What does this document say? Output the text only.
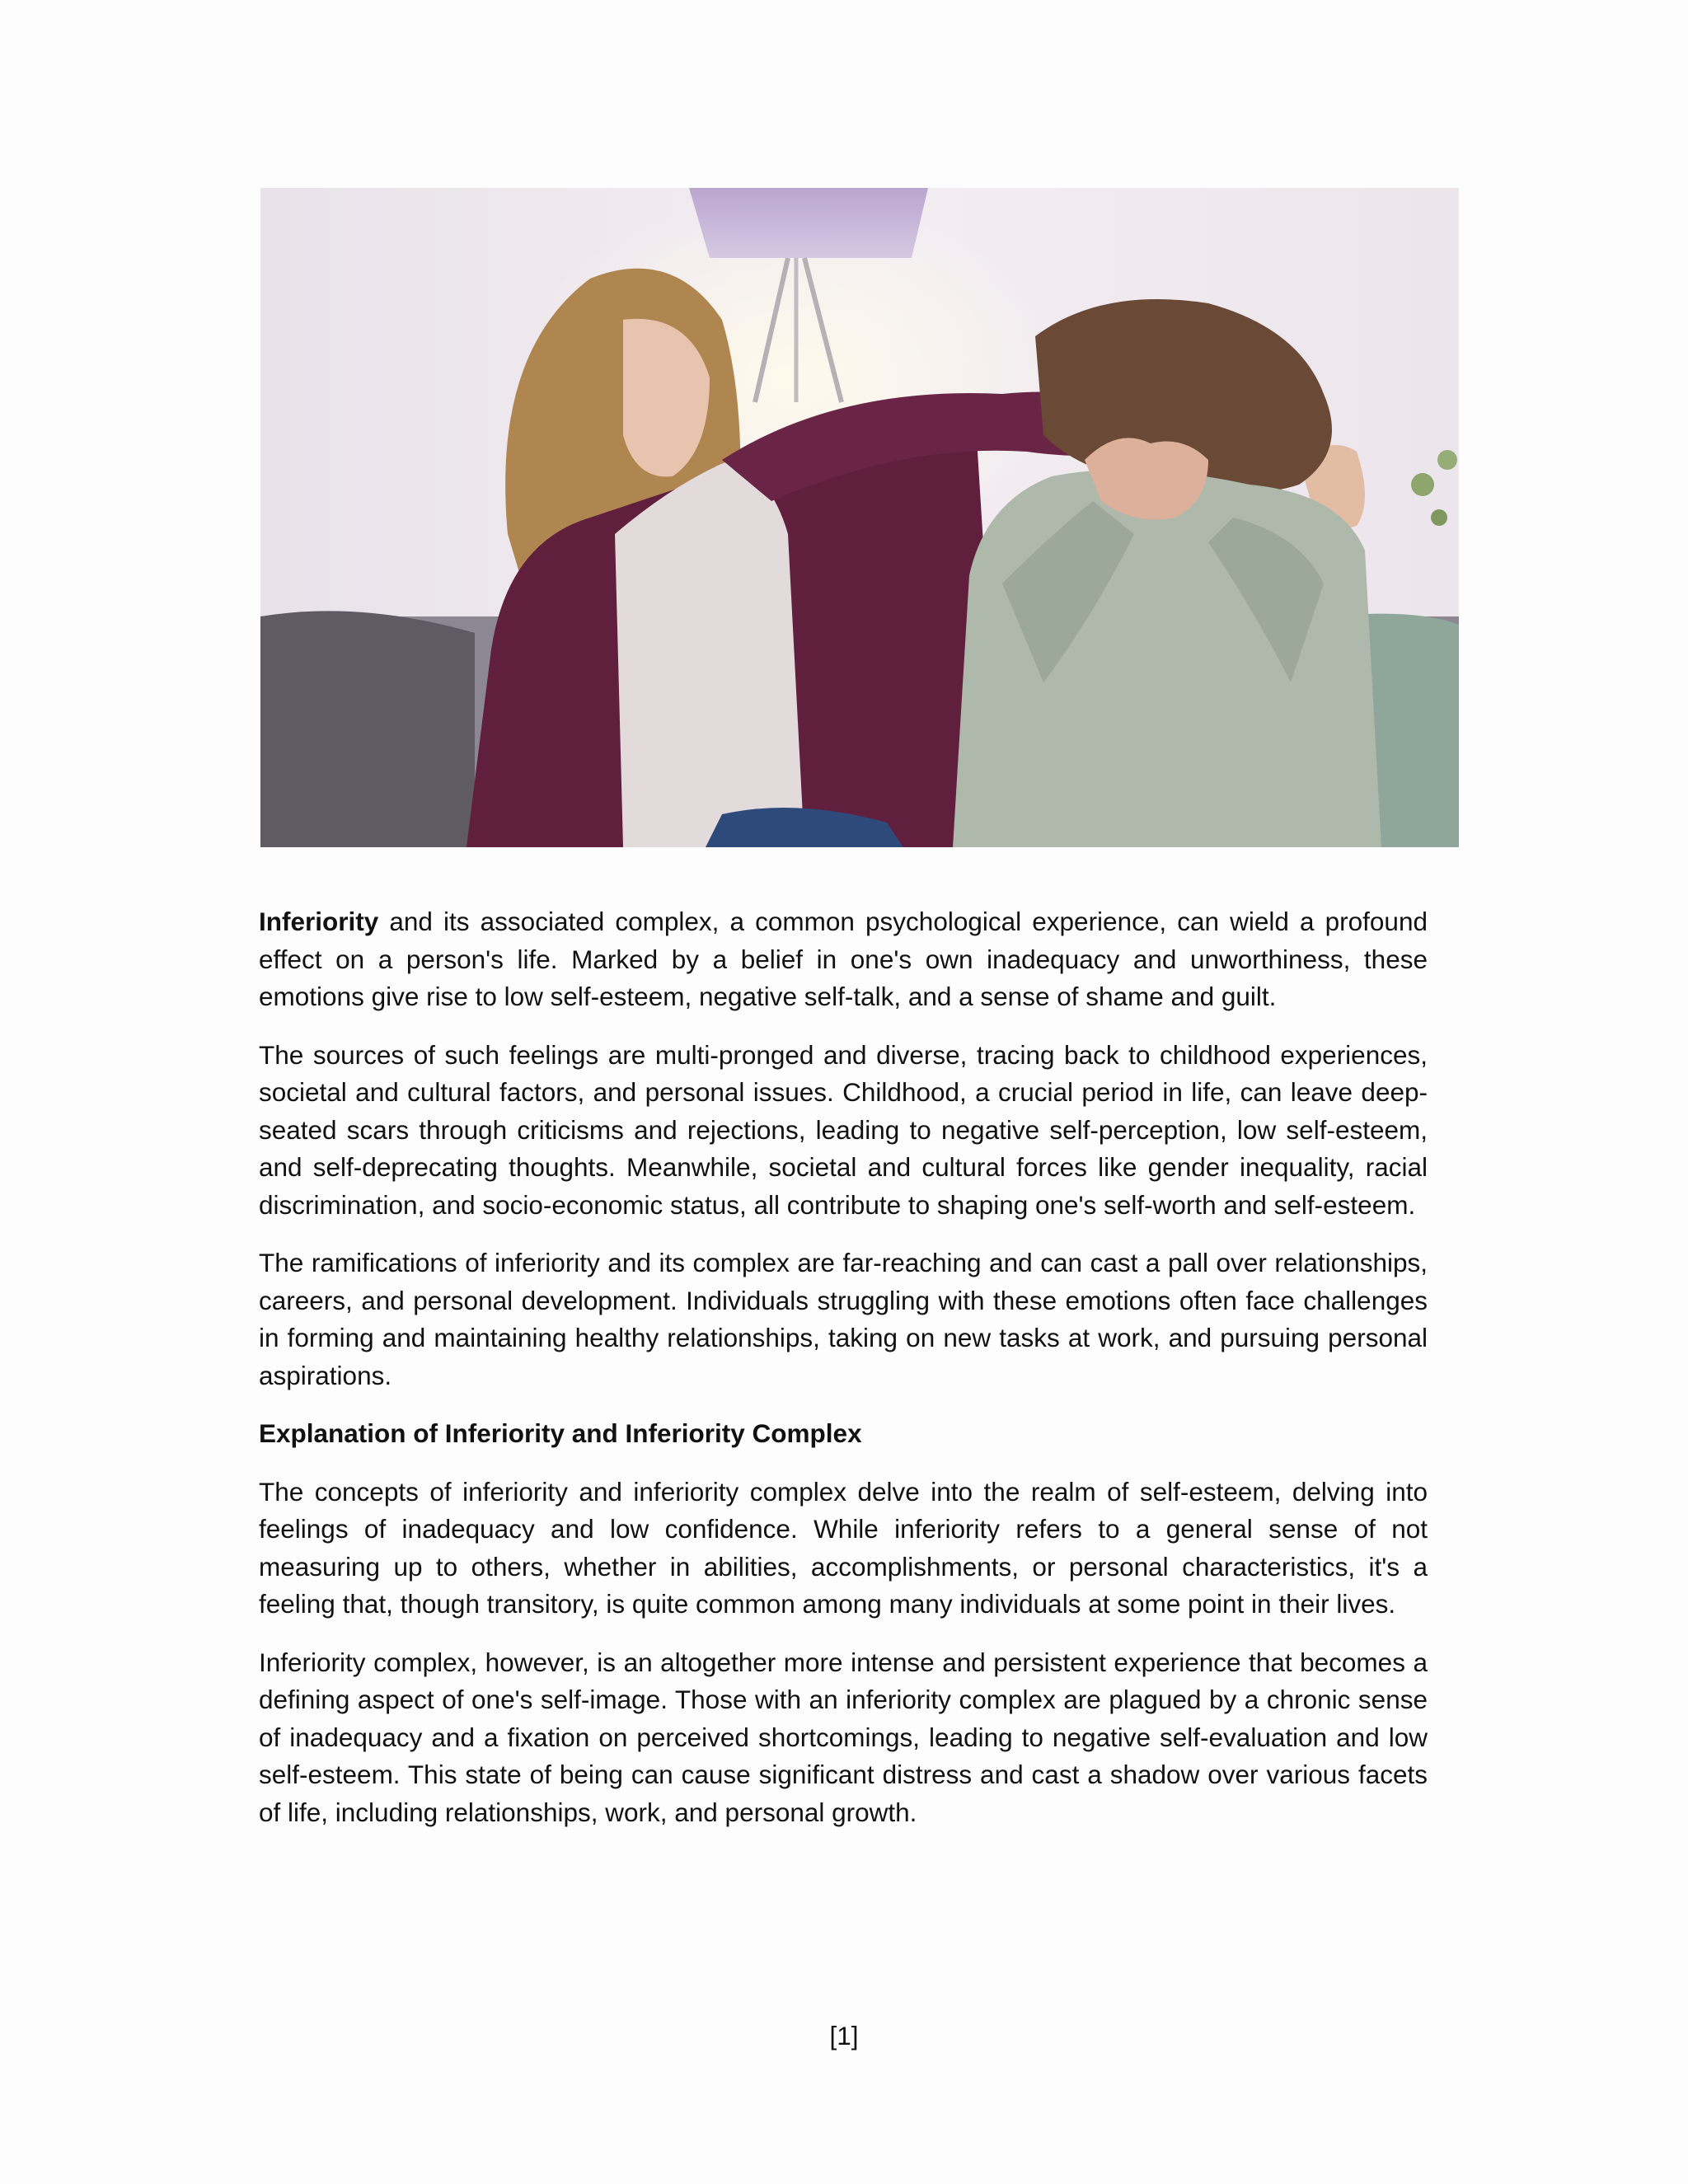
Inferiority and its associated complex, a common psychological experience, can wield a profound effect on a person's life. Marked by a belief in one's own inadequacy and unworthiness, these emotions give rise to low self-esteem, negative self-talk, and a sense of shame and guilt.

The sources of such feelings are multi-pronged and diverse, tracing back to childhood experiences, societal and cultural factors, and personal issues. Childhood, a crucial period in life, can leave deep-seated scars through criticisms and rejections, leading to negative self-perception, low self-esteem, and self-deprecating thoughts. Meanwhile, societal and cultural forces like gender inequality, racial discrimination, and socio-economic status, all contribute to shaping one's self-worth and self-esteem.

The ramifications of inferiority and its complex are far-reaching and can cast a pall over relationships, careers, and personal development. Individuals struggling with these emotions often face challenges in forming and maintaining healthy relationships, taking on new tasks at work, and pursuing personal aspirations.

Explanation of Inferiority and Inferiority Complex

The concepts of inferiority and inferiority complex delve into the realm of self-esteem, delving into feelings of inadequacy and low confidence. While inferiority refers to a general sense of not measuring up to others, whether in abilities, accomplishments, or personal characteristics, it's a feeling that, though transitory, is quite common among many individuals at some point in their lives.

Inferiority complex, however, is an altogether more intense and persistent experience that becomes a defining aspect of one's self-image. Those with an inferiority complex are plagued by a chronic sense of inadequacy and a fixation on perceived shortcomings, leading to negative self-evaluation and low self-esteem. This state of being can cause significant distress and cast a shadow over various facets of life, including relationships, work, and personal growth.

[1]
